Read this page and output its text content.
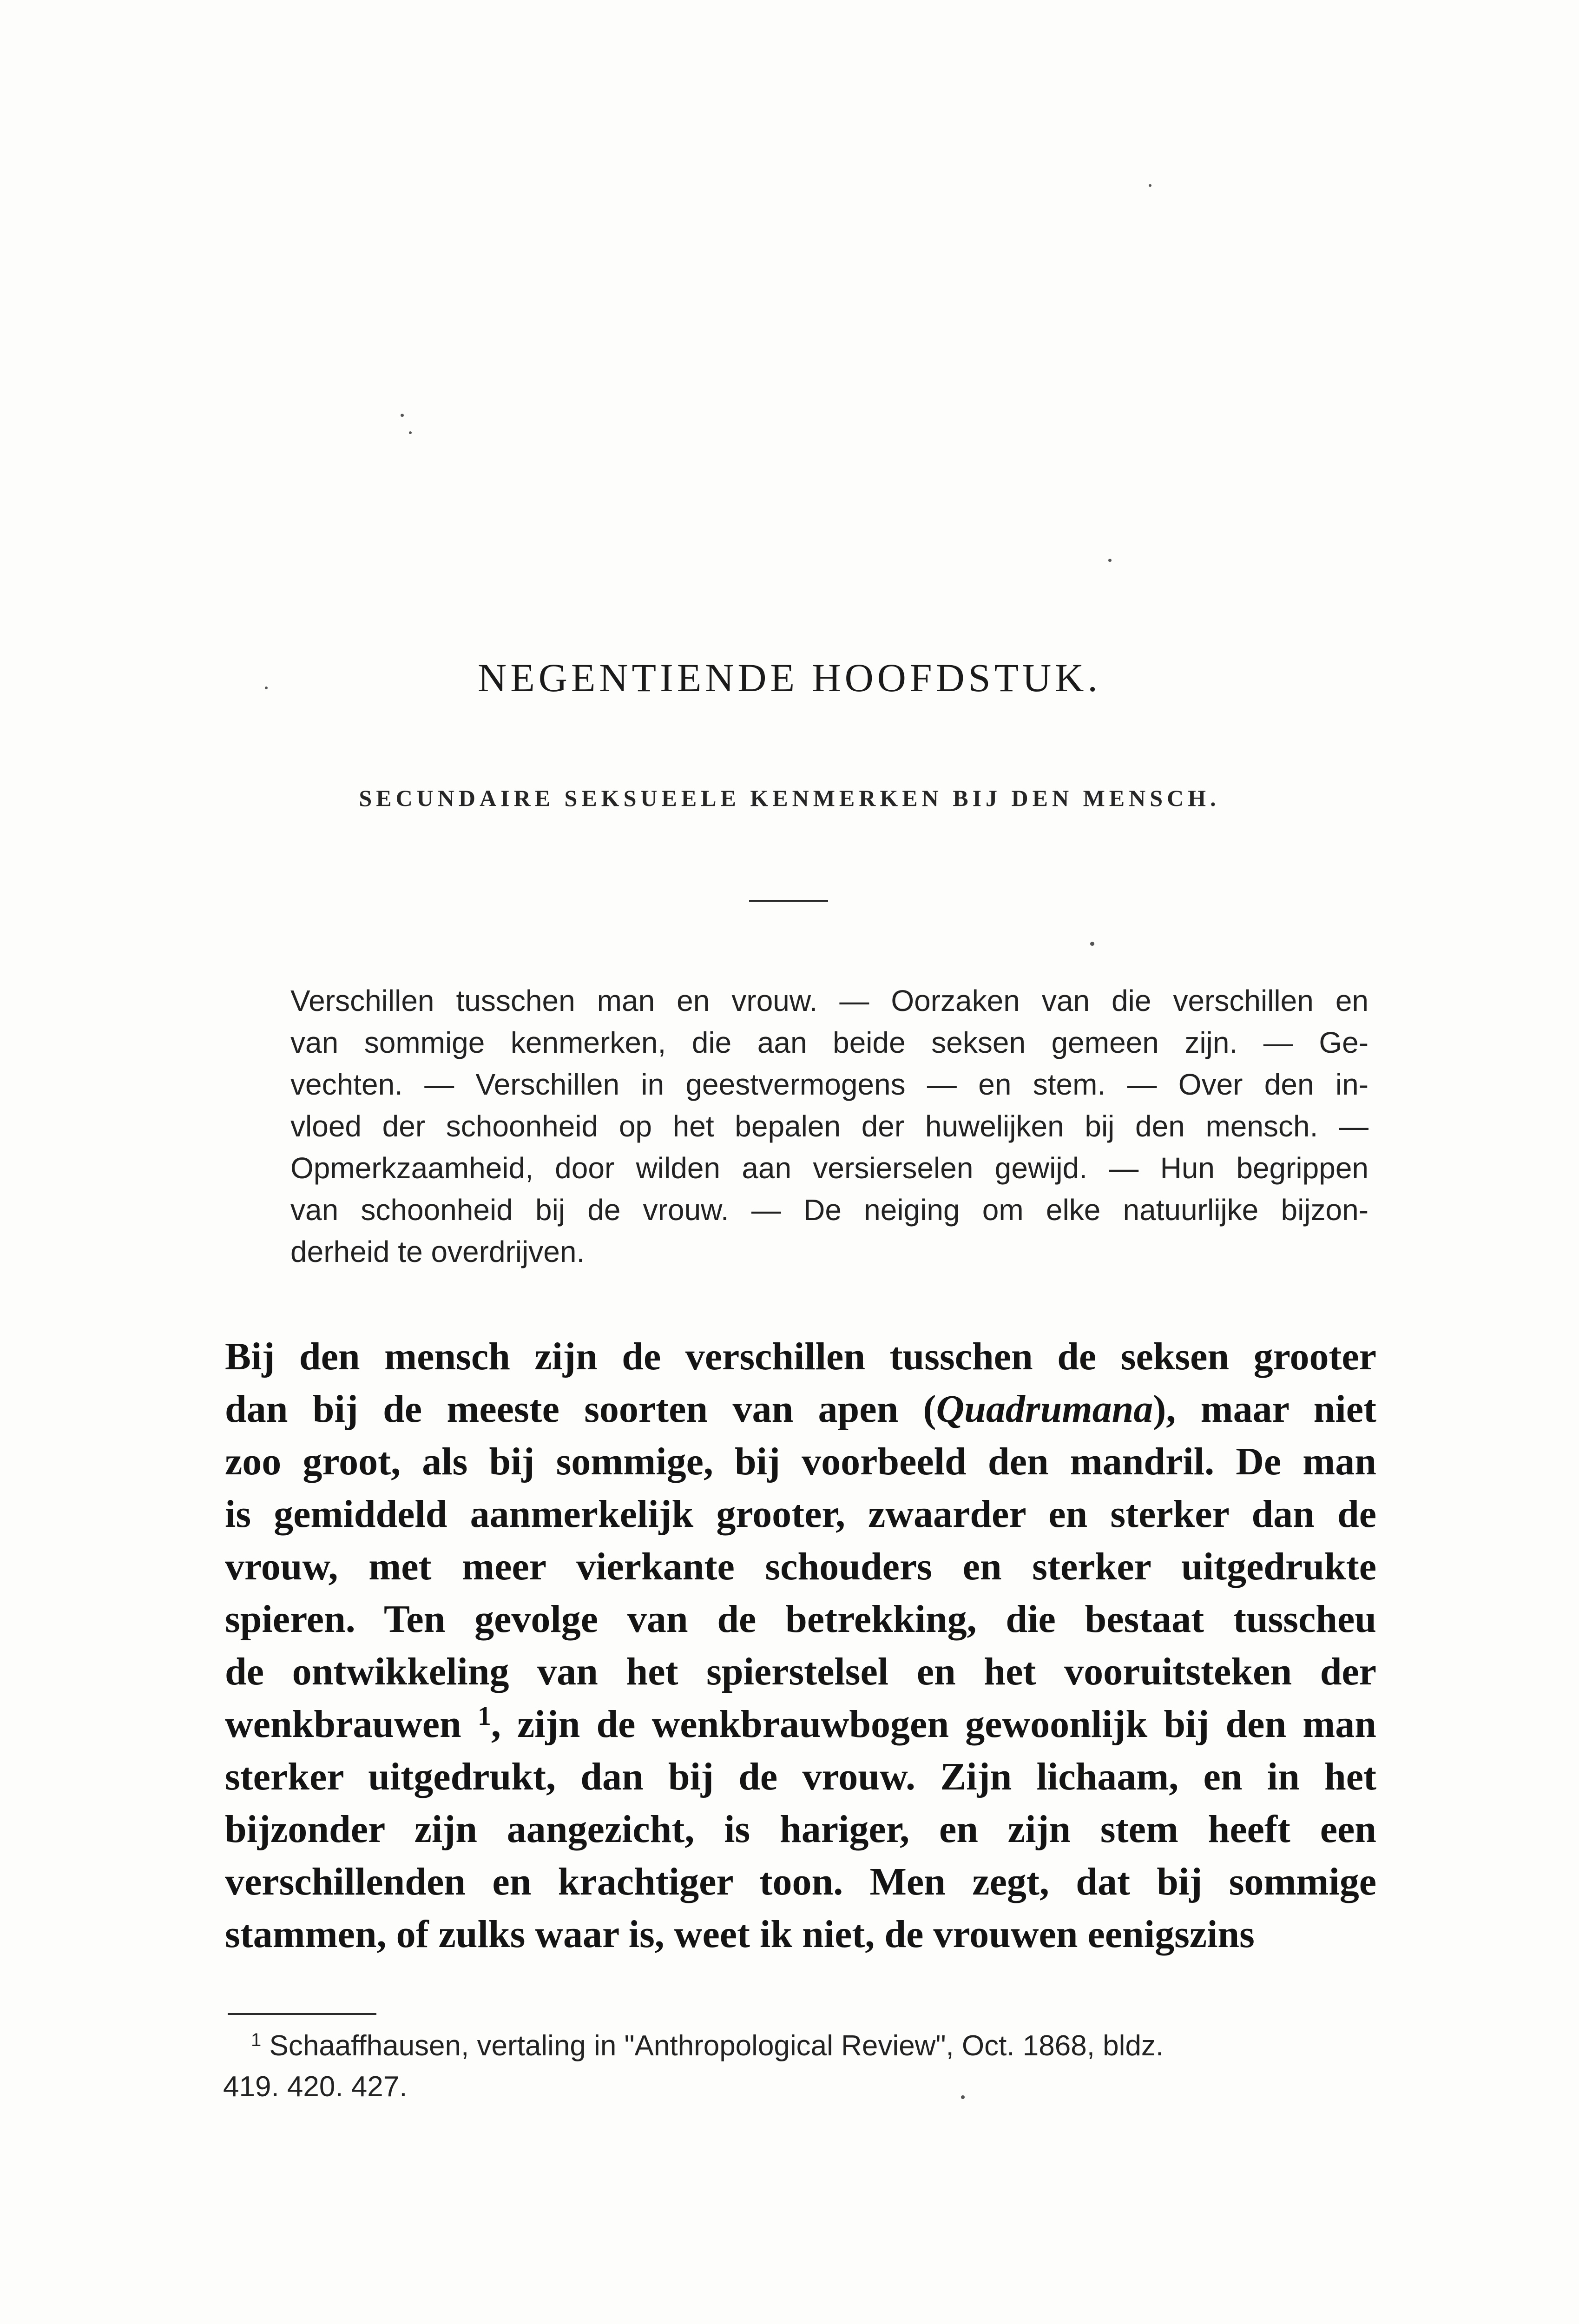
NEGENTIENDE HOOFDSTUK.
SECUNDAIRE SEKSUEELE KENMERKEN BIJ DEN MENSCH.
Verschillen tusschen man en vrouw. — Oorzaken van die verschillen en
van sommige kenmerken, die aan beide seksen gemeen zijn. — Ge-
vechten. — Verschillen in geestvermogens — en stem. — Over den in-
vloed der schoonheid op het bepalen der huwelijken bij den mensch. —
Opmerkzaamheid, door wilden aan versierselen gewijd. — Hun begrippen
van schoonheid bij de vrouw. — De neiging om elke natuurlijke bijzon-
derheid te overdrijven.
Bij den mensch zijn de verschillen tusschen de seksen grooter
dan bij de meeste soorten van apen (Quadrumana), maar niet
zoo groot, als bij sommige, bij voorbeeld den mandril. De man
is gemiddeld aanmerkelijk grooter, zwaarder en sterker dan de
vrouw, met meer vierkante schouders en sterker uitgedrukte
spieren. Ten gevolge van de betrekking, die bestaat tusscheu
de ontwikkeling van het spierstelsel en het vooruitsteken der
wenkbrauwen $^1$, zijn de wenkbrauwbogen gewoonlijk bij den man
sterker uitgedrukt, dan bij de vrouw. Zijn lichaam, en in het
bijzonder zijn aangezicht, is hariger, en zijn stem heeft een
verschillenden en krachtiger toon. Men zegt, dat bij sommige
stammen, of zulks waar is, weet ik niet, de vrouwen eenigszins
$^1$ Schaaffhausen, vertaling in "Anthropological Review", Oct. 1868, bldz.
419. 420. 427.
